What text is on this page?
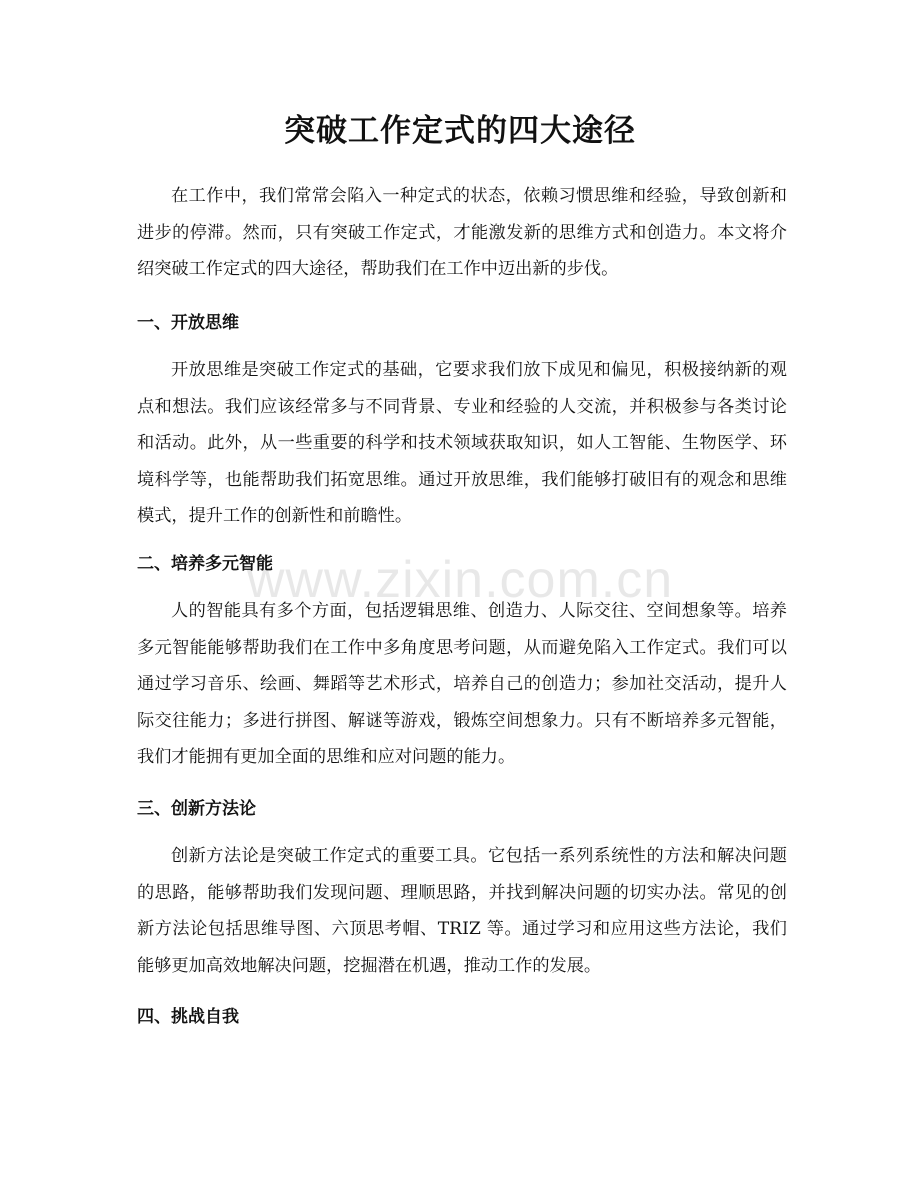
突破工作定式的四大途径

在工作中，我们常常会陷入一种定式的状态，依赖习惯思维和经验，导致创新和进步的停滞。然而，只有突破工作定式，才能激发新的思维方式和创造力。本文将介绍突破工作定式的四大途径，帮助我们在工作中迈出新的步伐。

一、开放思维

开放思维是突破工作定式的基础，它要求我们放下成见和偏见，积极接纳新的观点和想法。我们应该经常多与不同背景、专业和经验的人交流，并积极参与各类讨论和活动。此外，从一些重要的科学和技术领域获取知识，如人工智能、生物医学、环境科学等，也能帮助我们拓宽思维。通过开放思维，我们能够打破旧有的观念和思维模式，提升工作的创新性和前瞻性。

二、培养多元智能

人的智能具有多个方面，包括逻辑思维、创造力、人际交往、空间想象等。培养多元智能能够帮助我们在工作中多角度思考问题，从而避免陷入工作定式。我们可以通过学习音乐、绘画、舞蹈等艺术形式，培养自己的创造力；参加社交活动，提升人际交往能力；多进行拼图、解谜等游戏，锻炼空间想象力。只有不断培养多元智能，我们才能拥有更加全面的思维和应对问题的能力。

三、创新方法论

创新方法论是突破工作定式的重要工具。它包括一系列系统性的方法和解决问题的思路，能够帮助我们发现问题、理顺思路，并找到解决问题的切实办法。常见的创新方法论包括思维导图、六顶思考帽、TRIZ 等。通过学习和应用这些方法论，我们能够更加高效地解决问题，挖掘潜在机遇，推动工作的发展。

四、挑战自我
www.zixin.com.cn
